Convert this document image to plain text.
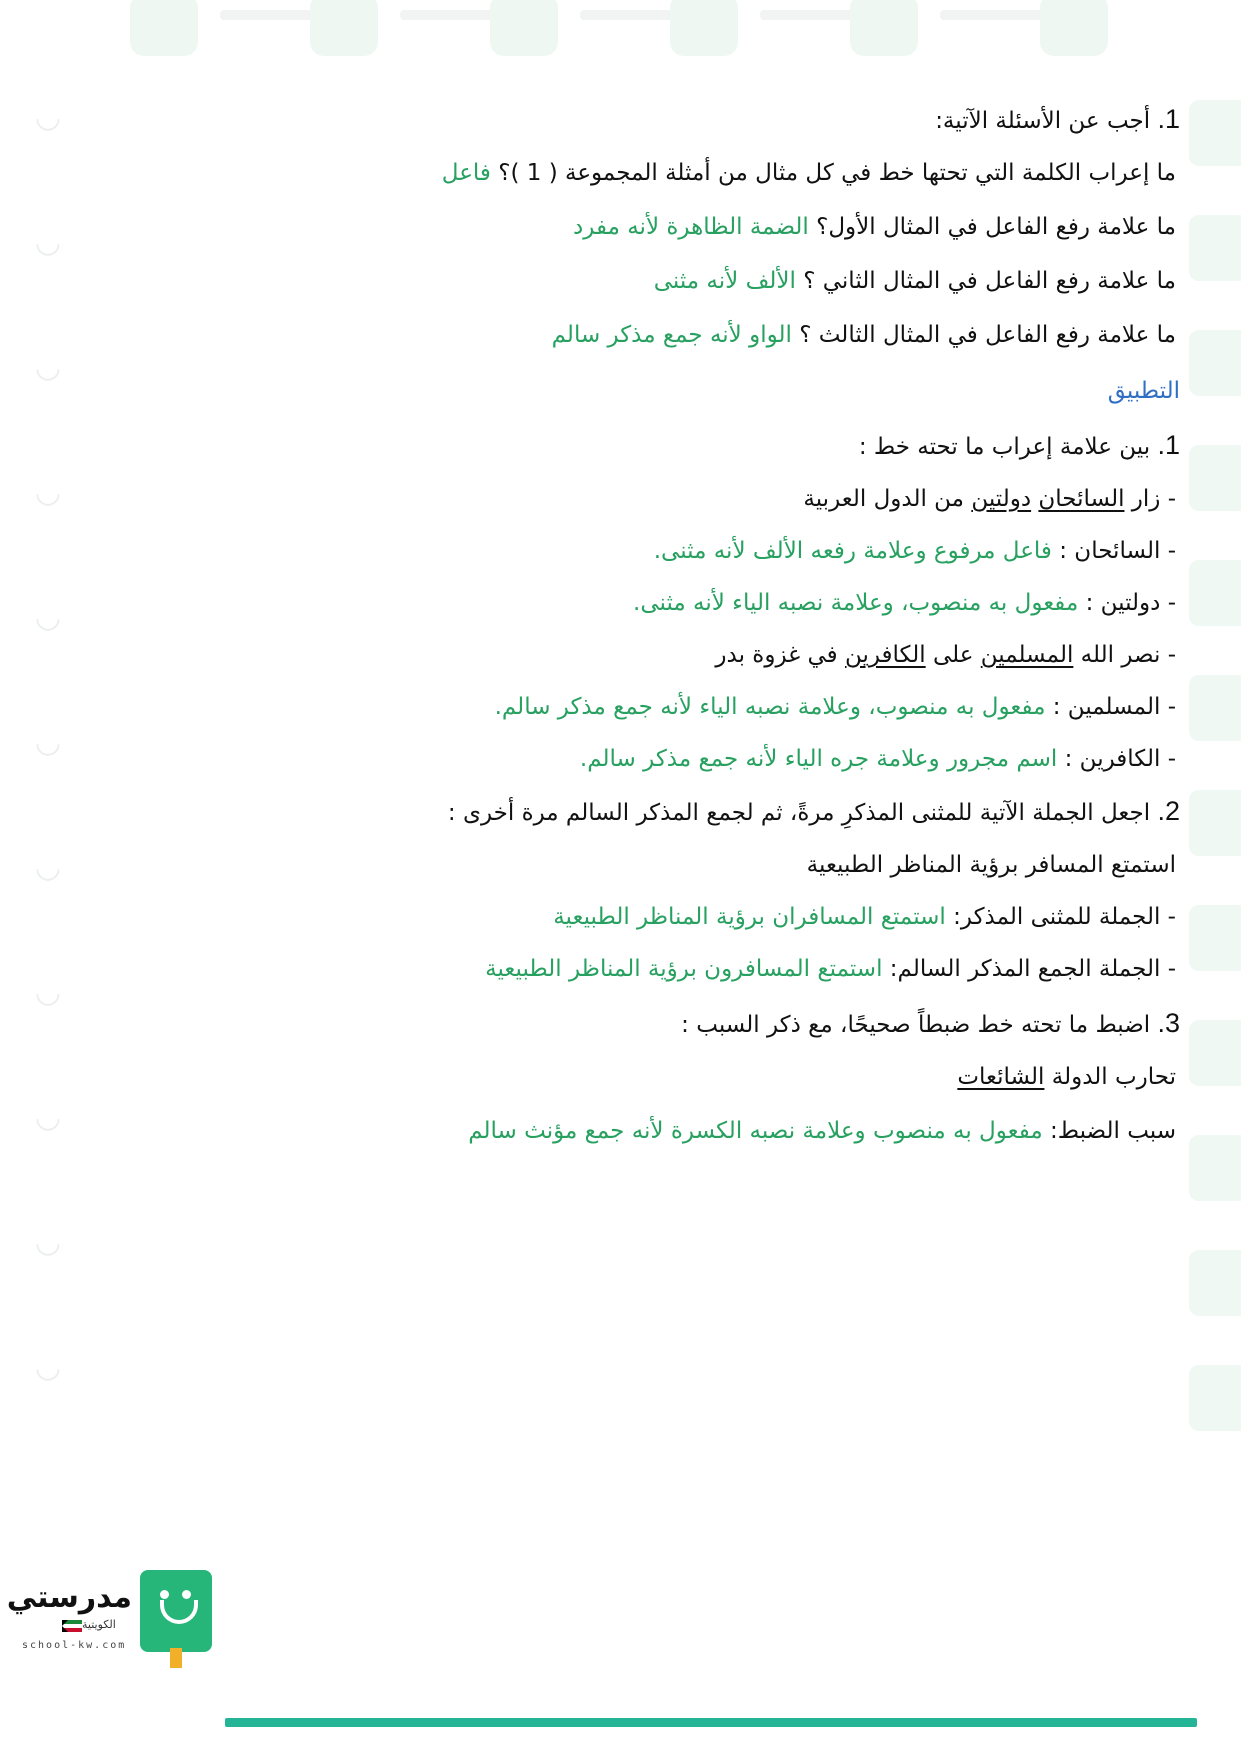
◡
◡
◡
◡
◡
◡
◡
◡
◡
◡
◡
1. أجب عن الأسئلة الآتية:
ما إعراب الكلمة التي تحتها خط في كل مثال من أمثلة المجموعة ( 1 )؟ فاعل
ما علامة رفع الفاعل في المثال الأول؟ الضمة الظاهرة لأنه مفرد
ما علامة رفع الفاعل في المثال الثاني ؟ الألف لأنه مثنى
ما علامة رفع الفاعل في المثال الثالث ؟ الواو لأنه جمع مذكر سالم
التطبيق
1. بين علامة إعراب ما تحته خط :
- زار السائحان دولتين من الدول العربية
- السائحان : فاعل مرفوع وعلامة رفعه الألف لأنه مثنى.
- دولتين : مفعول به منصوب، وعلامة نصبه الياء لأنه مثنى.
- نصر الله المسلمين على الكافرين في غزوة بدر
- المسلمين : مفعول به منصوب، وعلامة نصبه الياء لأنه جمع مذكر سالم.
- الكافرين : اسم مجرور وعلامة جره الياء لأنه جمع مذكر سالم.
2. اجعل الجملة الآتية للمثنى المذكرِ مرةً، ثم لجمع المذكر السالم مرة أخرى :
استمتع المسافر برؤية المناظر الطبيعية
- الجملة للمثنى المذكر: استمتع المسافران برؤية المناظر الطبيعية
- الجملة الجمع المذكر السالم: استمتع المسافرون برؤية المناظر الطبيعية
3. اضبط ما تحته خط ضبطاً صحيحًا، مع ذكر السبب :
تحارب الدولة الشائعات
سبب الضبط: مفعول به منصوب وعلامة نصبه الكسرة لأنه جمع مؤنث سالم
مدرستي
الكويتية
school-kw.com
